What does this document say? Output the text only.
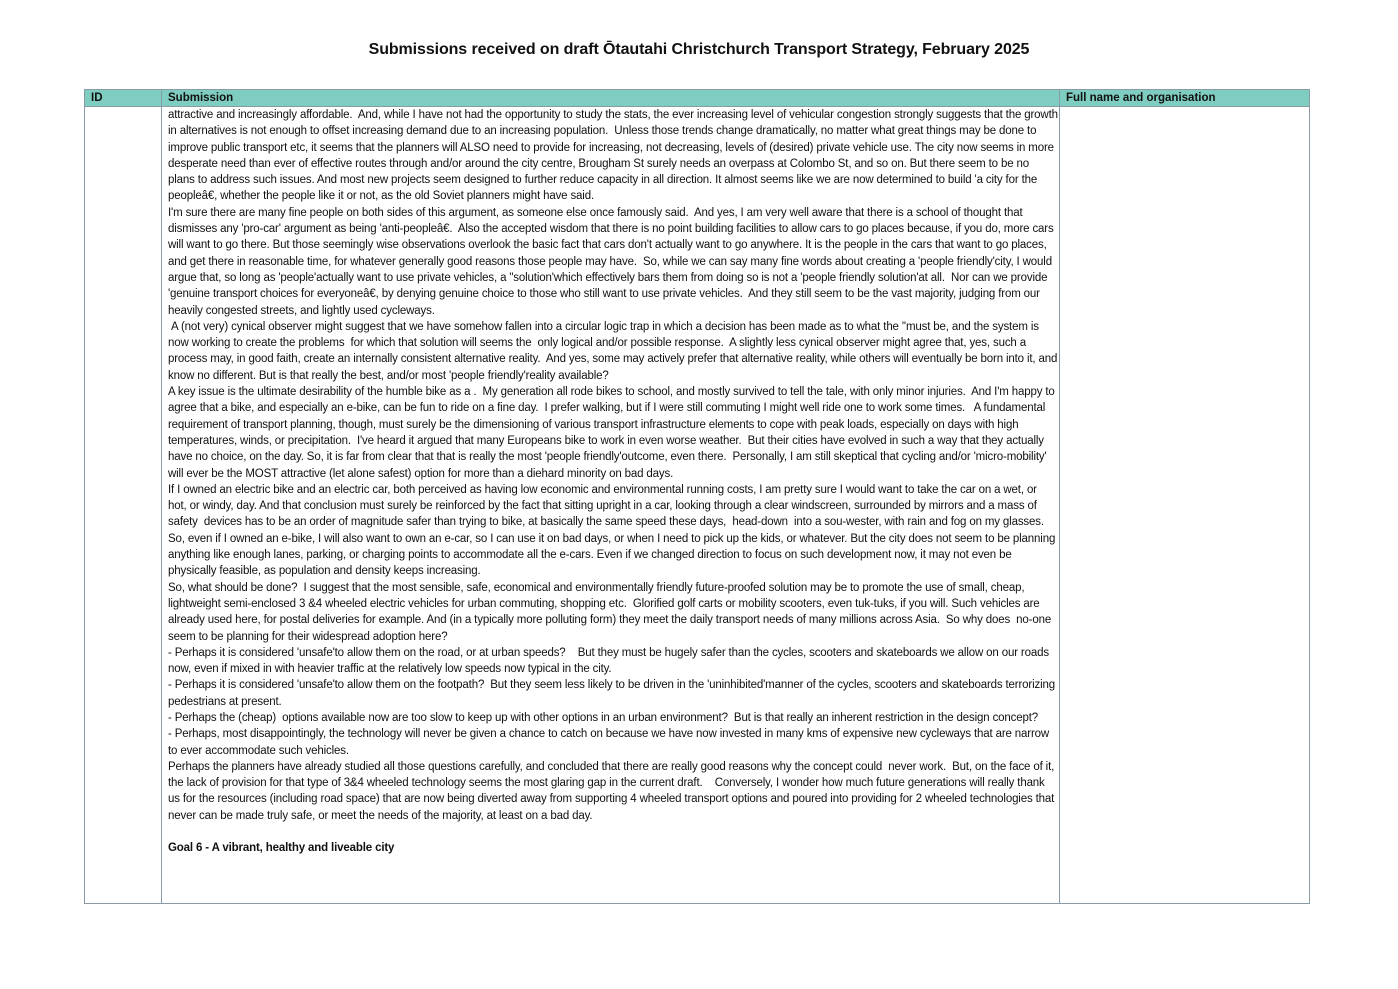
Submissions received on draft Ōtautahi Christchurch Transport Strategy, February 2025
ID	Submission	Full name and organisation

attractive and increasingly affordable.  And, while I have not had the opportunity to study the stats, the ever increasing level of vehicular congestion strongly suggests that the growth in alternatives is not enough to offset increasing demand due to an increasing population.  Unless those trends change dramatically, no matter what great things may be done to improve public transport etc, it seems that the planners will ALSO need to provide for increasing, not decreasing, levels of (desired) private vehicle use. The city now seems in more desperate need than ever of effective routes through and/or around the city centre, Brougham St surely needs an overpass at Colombo St, and so on. But there seem to be no plans to address such issues. And most new projects seem designed to further reduce capacity in all direction. It almost seems like we are now determined to build 'a city for the peopleâ€, whether the people like it or not, as the old Soviet planners might have said.

I'm sure there are many fine people on both sides of this argument, as someone else once famously said.  And yes, I am very well aware that there is a school of thought that dismisses any 'pro-car' argument as being 'anti-peopleâ€.  Also the accepted wisdom that there is no point building facilities to allow cars to go places because, if you do, more cars will want to go there. But those seemingly wise observations overlook the basic fact that cars don't actually want to go anywhere. It is the people in the cars that want to go places, and get there in reasonable time, for whatever generally good reasons those people may have.  So, while we can say many fine words about creating a 'people friendly'city, I would argue that, so long as 'people'actually want to use private vehicles, a "solution'which effectively bars them from doing so is not a 'people friendly solution'at all.  Nor can we provide 'genuine transport choices for everyoneâ€, by denying genuine choice to those who still want to use private vehicles.  And they still seem to be the vast majority, judging from our heavily congested streets, and lightly used cycleways.

A (not very) cynical observer might suggest that we have somehow fallen into a circular logic trap in which a decision has been made as to what the ''must be, and the system is now working to create the problems  for which that solution will seems the  only logical and/or possible response.  A slightly less cynical observer might agree that, yes, such a process may, in good faith, create an internally consistent alternative reality.  And yes, some may actively prefer that alternative reality, while others will eventually be born into it, and know no different. But is that really the best, and/or most 'people friendly'reality available?

A key issue is the ultimate desirability of the humble bike as a .  My generation all rode bikes to school, and mostly survived to tell the tale, with only minor injuries.  And I'm happy to agree that a bike, and especially an e-bike, can be fun to ride on a fine day.  I prefer walking, but if I were still commuting I might well ride one to work some times.   A fundamental requirement of transport planning, though, must surely be the dimensioning of various transport infrastructure elements to cope with peak loads, especially on days with high temperatures, winds, or precipitation.  I've heard it argued that many Europeans bike to work in even worse weather.  But their cities have evolved in such a way that they actually have no choice, on the day. So, it is far from clear that that is really the most 'people friendly'outcome, even there.  Personally, I am still skeptical that cycling and/or 'micro-mobility' will ever be the MOST attractive (let alone safest) option for more than a diehard minority on bad days.

If I owned an electric bike and an electric car, both perceived as having low economic and environmental running costs, I am pretty sure I would want to take the car on a wet, or hot, or windy, day. And that conclusion must surely be reinforced by the fact that sitting upright in a car, looking through a clear windscreen, surrounded by mirrors and a mass of safety  devices has to be an order of magnitude safer than trying to bike, at basically the same speed these days,  head-down  into a sou-wester, with rain and fog on my glasses. So, even if I owned an e-bike, I will also want to own an e-car, so I can use it on bad days, or when I need to pick up the kids, or whatever. But the city does not seem to be planning anything like enough lanes, parking, or charging points to accommodate all the e-cars. Even if we changed direction to focus on such development now, it may not even be physically feasible, as population and density keeps increasing.

So, what should be done?  I suggest that the most sensible, safe, economical and environmentally friendly future-proofed solution may be to promote the use of small, cheap, lightweight semi-enclosed 3 &4 wheeled electric vehicles for urban commuting, shopping etc.  Glorified golf carts or mobility scooters, even tuk-tuks, if you will. Such vehicles are already used here, for postal deliveries for example. And (in a typically more polluting form) they meet the daily transport needs of many millions across Asia.  So why does  no-one seem to be planning for their widespread adoption here?

- Perhaps it is considered 'unsafe'to allow them on the road, or at urban speeds?    But they must be hugely safer than the cycles, scooters and skateboards we allow on our roads now, even if mixed in with heavier traffic at the relatively low speeds now typical in the city.

- Perhaps it is considered 'unsafe'to allow them on the footpath?  But they seem less likely to be driven in the 'uninhibited'manner of the cycles, scooters and skateboards terrorizing pedestrians at present.

- Perhaps the (cheap)  options available now are too slow to keep up with other options in an urban environment?  But is that really an inherent restriction in the design concept?

- Perhaps, most disappointingly, the technology will never be given a chance to catch on because we have now invested in many kms of expensive new cycleways that are narrow to ever accommodate such vehicles.

Perhaps the planners have already studied all those questions carefully, and concluded that there are really good reasons why the concept could  never work.  But, on the face of it, the lack of provision for that type of 3&4 wheeled technology seems the most glaring gap in the current draft.    Conversely, I wonder how much future generations will really thank us for the resources (including road space) that are now being diverted away from supporting 4 wheeled transport options and poured into providing for 2 wheeled technologies that never can be made truly safe, or meet the needs of the majority, at least on a bad day.

Goal 6 - A vibrant, healthy and liveable city
